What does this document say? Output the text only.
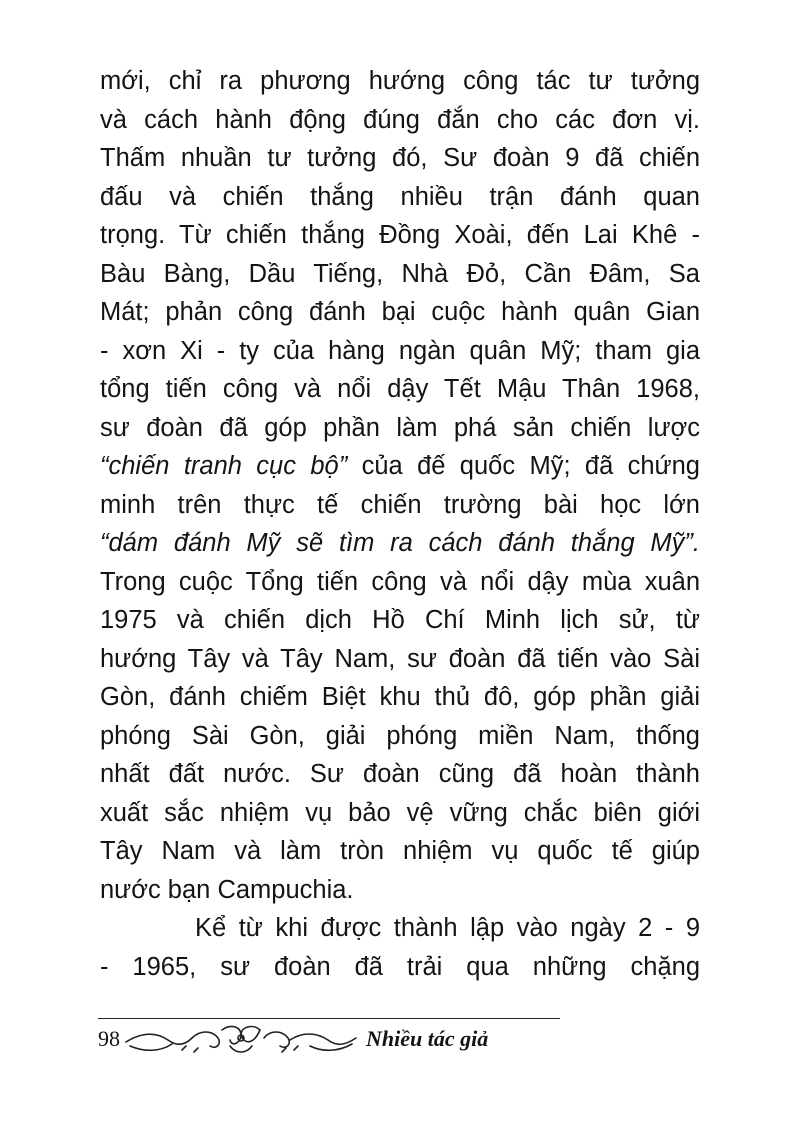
mới, chỉ ra phương hướng công tác tư tưởng
và cách hành động đúng đắn cho các đơn vị.
Thấm nhuần tư tưởng đó, Sư đoàn 9 đã chiến
đấu và chiến thắng nhiều trận đánh quan
trọng. Từ chiến thắng Đồng Xoài, đến Lai Khê -
Bàu Bàng, Dầu Tiếng, Nhà Đỏ, Cần Đâm, Sa
Mát; phản công đánh bại cuộc hành quân Gian
- xơn Xi - ty của hàng ngàn quân Mỹ; tham gia
tổng tiến công và nổi dậy Tết Mậu Thân 1968,
sư đoàn đã góp phần làm phá sản chiến lược
“chiến tranh cục bộ” của đế quốc Mỹ; đã chứng
minh trên thực tế chiến trường bài học lớn
“dám đánh Mỹ sẽ tìm ra cách đánh thắng Mỹ”.
Trong cuộc Tổng tiến công và nổi dậy mùa xuân
1975 và chiến dịch Hồ Chí Minh lịch sử, từ
hướng Tây và Tây Nam, sư đoàn đã tiến vào Sài
Gòn, đánh chiếm Biệt khu thủ đô, góp phần giải
phóng Sài Gòn, giải phóng miền Nam, thống
nhất đất nước. Sư đoàn cũng đã hoàn thành
xuất sắc nhiệm vụ bảo vệ vững chắc biên giới
Tây Nam và làm tròn nhiệm vụ quốc tế giúp
nước bạn Campuchia.
Kể từ khi được thành lập vào ngày 2 - 9
- 1965, sư đoàn đã trải qua những chặng
98	Nhiều tác giả
